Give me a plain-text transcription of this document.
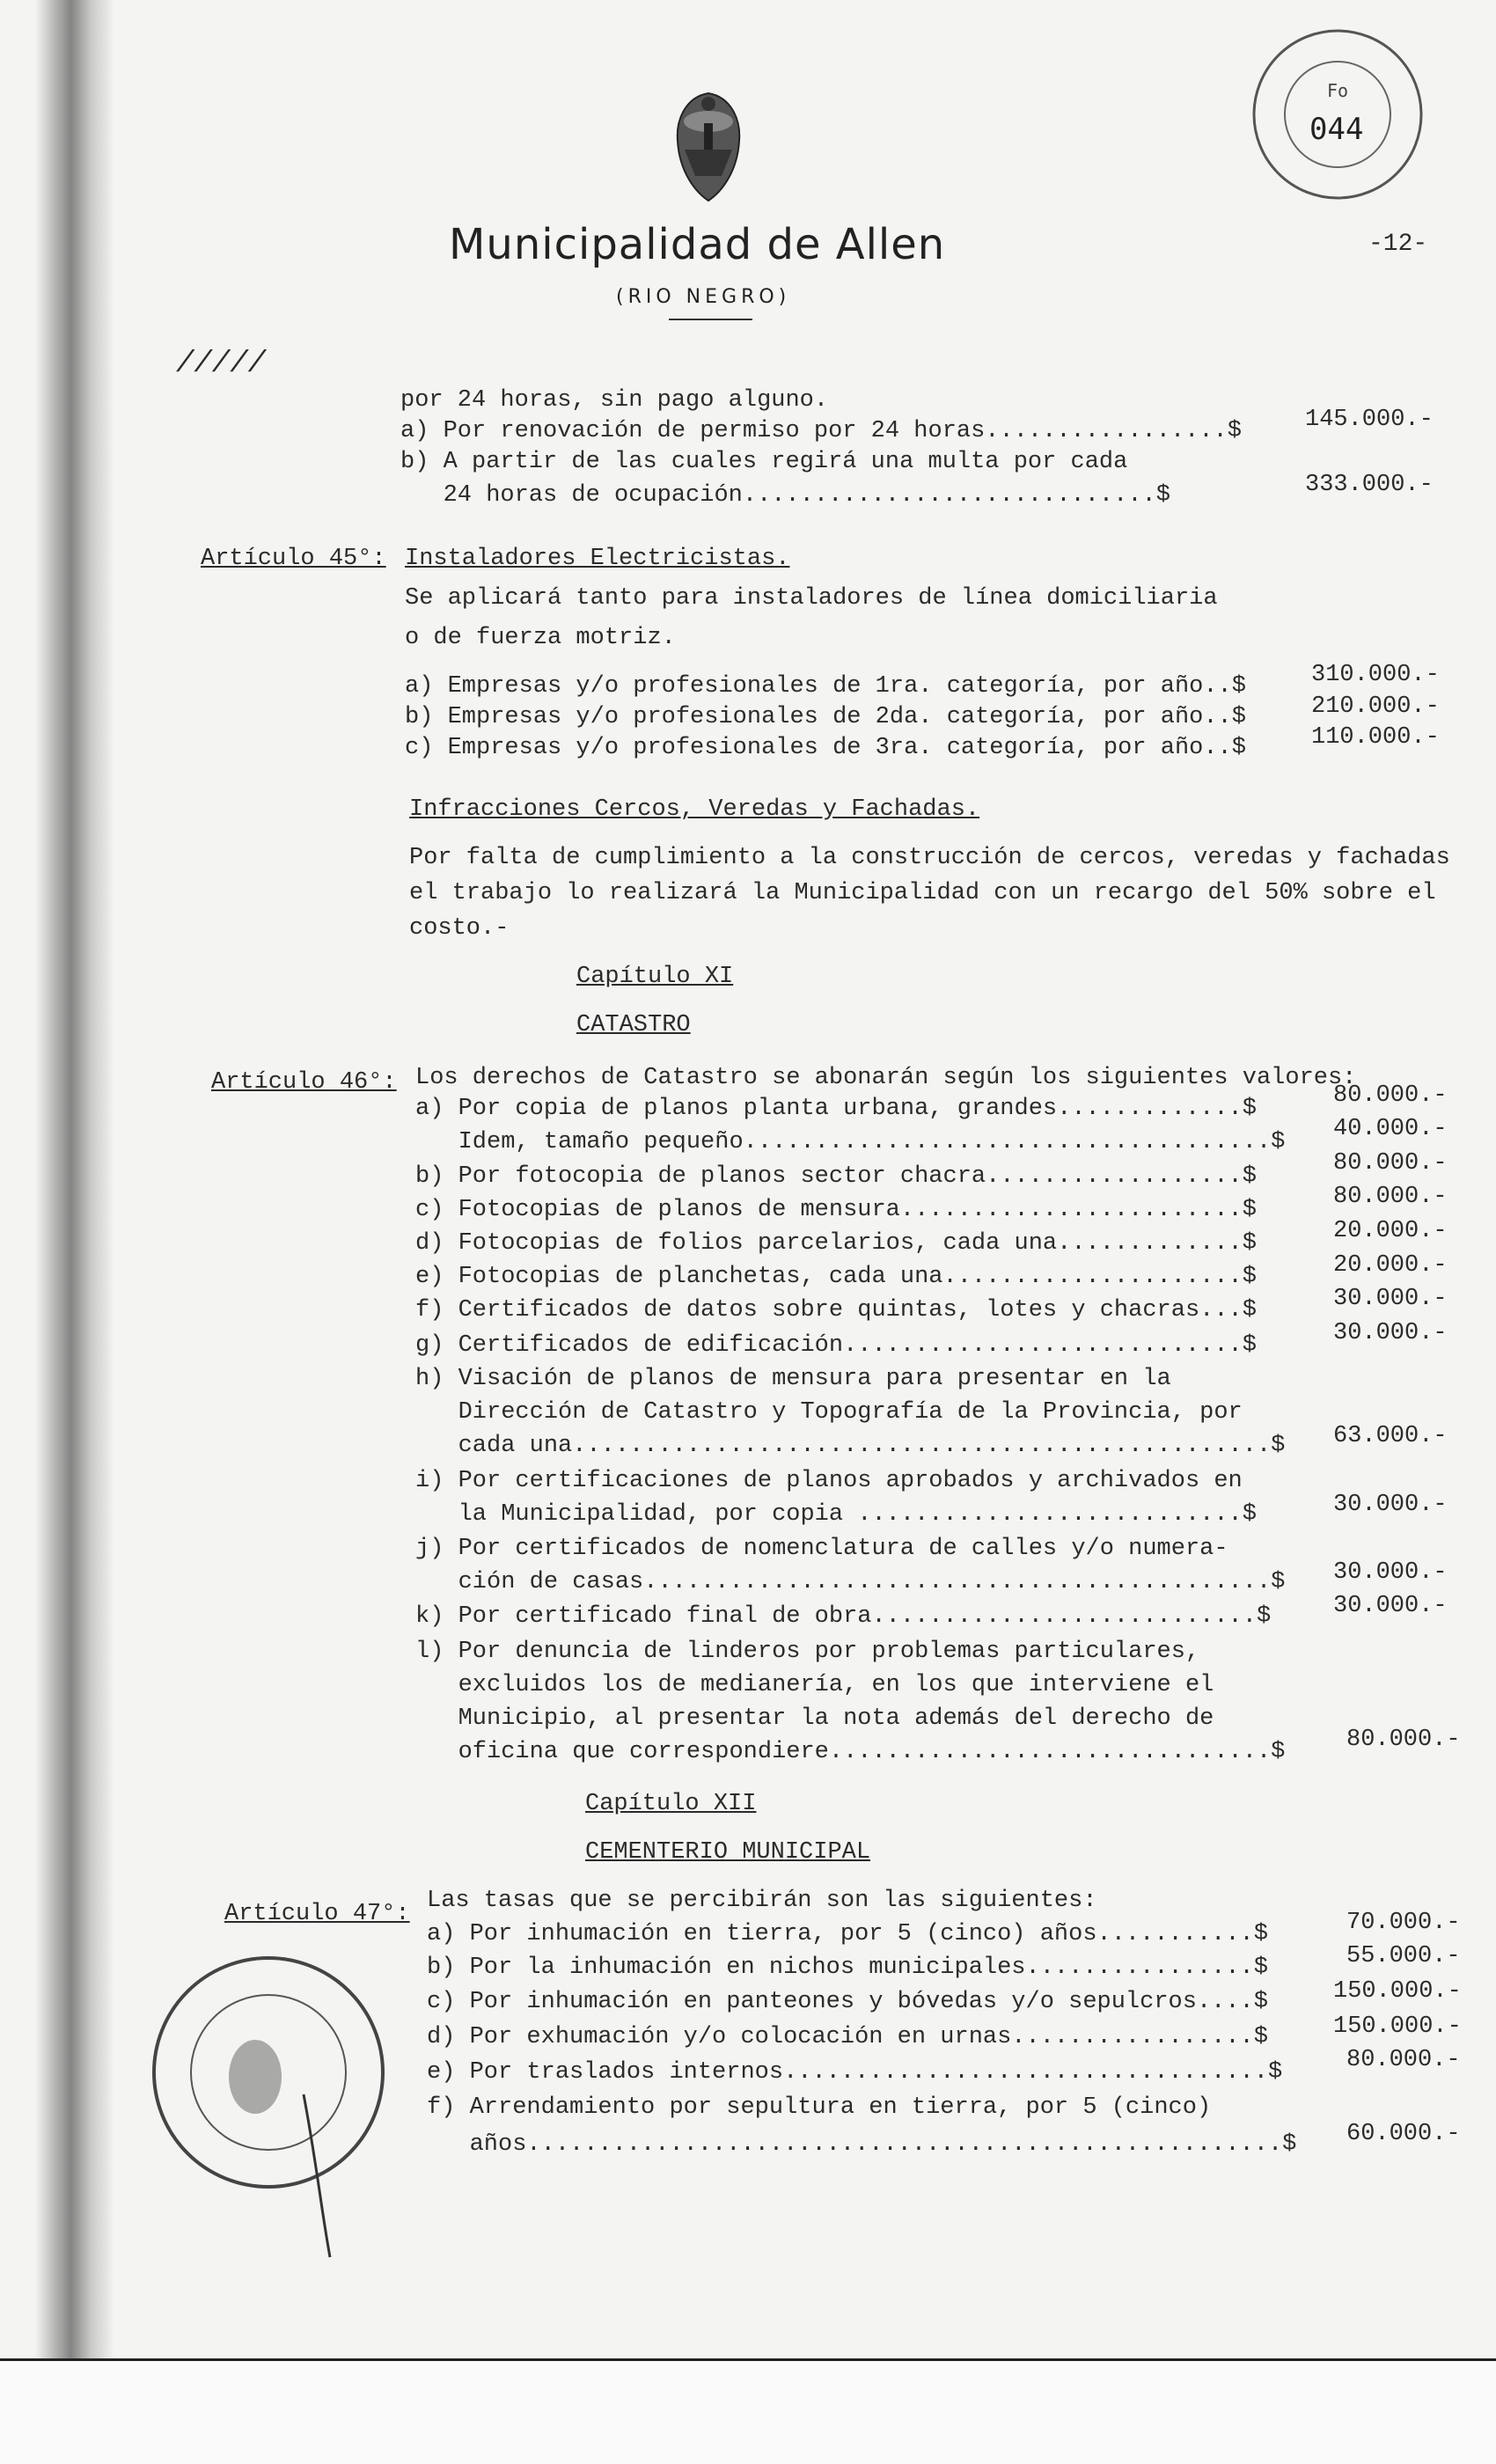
Municipalidad de Allen
(RIO NEGRO)
-12-
/////
Fo
044
por 24 horas, sin pago alguno.
a) Por renovación de permiso por 24 horas.................$	145.000.-
b) A partir de las cuales regirá una multa por cada
24 horas de ocupación.............................$	333.000.-
Artículo 45°: Instaladores Electricistas.
Se aplicará tanto para instaladores de línea domiciliaria
o de fuerza motriz.
a) Empresas y/o profesionales de 1ra. categoría, por año..$	310.000.-
b) Empresas y/o profesionales de 2da. categoría, por año..$	210.000.-
c) Empresas y/o profesionales de 3ra. categoría, por año..$	110.000.-
Infracciones Cercos, Veredas y Fachadas.
Por falta de cumplimiento a la construcción de cercos, veredas y fachadas
el trabajo lo realizará la Municipalidad con un recargo del 50% sobre el
costo.-
Capítulo XI
CATASTRO
Artículo 46°: Los derechos de Catastro se abonarán según los siguientes valores:
a) Por copia de planos planta urbana, grandes.............$	80.000.-
Idem, tamaño pequeño.....................................$ 40.000.-
b) Por fotocopia de planos sector chacra..................$	80.000.-
c) Fotocopias de planos de mensura........................$	80.000.-
d) Fotocopias de folios parcelarios, cada una.............$	20.000.-
e) Fotocopias de planchetas, cada una.....................$	20.000.-
f) Certificados de datos sobre quintas, lotes y chacras...$	30.000.-
g) Certificados de edificación............................$	30.000.-
h) Visación de planos de mensura para presentar en la
Dirección de Catastro y Topografía de la Provincia, por
cada una.................................................$ 63.000.-
i) Por certificaciones de planos aprobados y archivados en
la Municipalidad, por copia ...........................$	30.000.-
j) Por certificados de nomenclatura de calles y/o numera-
ción de casas............................................$ 30.000.-
k) Por certificado final de obra...........................$	30.000.-
l) Por denuncia de linderos por problemas particulares,
excluidos los de medianería, en los que interviene el
Municipio, al presentar la nota además del derecho de
oficina que correspondiere...............................$	80.000.-
Capítulo XII
CEMENTERIO MUNICIPAL
Artículo 47°: Las tasas que se percibirán son las siguientes:
a) Por inhumación en tierra, por 5 (cinco) años...........$	70.000.-
b) Por la inhumación en nichos municipales................$	55.000.-
c) Por inhumación en panteones y bóvedas y/o sepulcros....$	150.000.-
d) Por exhumación y/o colocación en urnas.................$	150.000.-
e) Por traslados internos..................................$	80.000.-
f) Arrendamiento por sepultura en tierra, por 5 (cinco)
años.....................................................$ 60.000.-
